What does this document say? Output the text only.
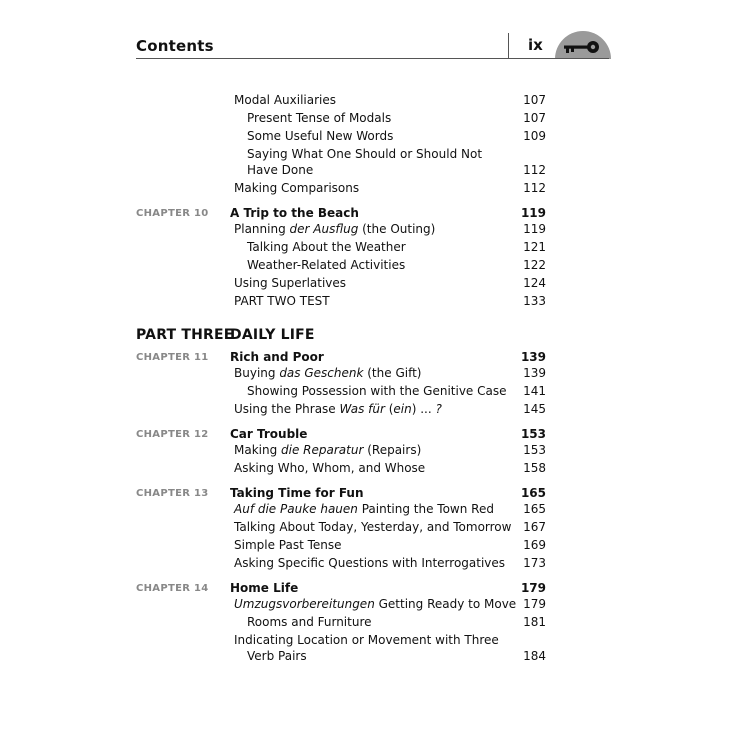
Contents	ix
Modal Auxiliaries	107
Present Tense of Modals	107
Some Useful New Words	109
Saying What One Should or Should Not
Have Done	112
Making Comparisons	112
CHAPTER 10 A Trip to the Beach	119
Planning der Ausflug (the Outing)	119
Talking About the Weather	121
Weather-Related Activities	122
Using Superlatives	124
PART TWO TEST	133
PART THREE
DAILY LIFE
CHAPTER 11 Rich and Poor	139
Buying das Geschenk (the Gift)	139
Showing Possession with the Genitive Case 141
Using the Phrase Was für (ein) ... ?	145
CHAPTER 12 Car Trouble	153
Making die Reparatur (Repairs)	153
Asking Who, Whom, and Whose	158
CHAPTER 13 Taking Time for Fun	165
Auf die Pauke hauen Painting the Town Red 165
Talking About Today, Yesterday, and Tomorrow 167
Simple Past Tense	169
Asking Specific Questions with Interrogatives 173
CHAPTER 14 Home Life	179
Umzugsvorbereitungen Getting Ready to Move 179
Rooms and Furniture	181
Indicating Location or Movement with Three
Verb Pairs	184
